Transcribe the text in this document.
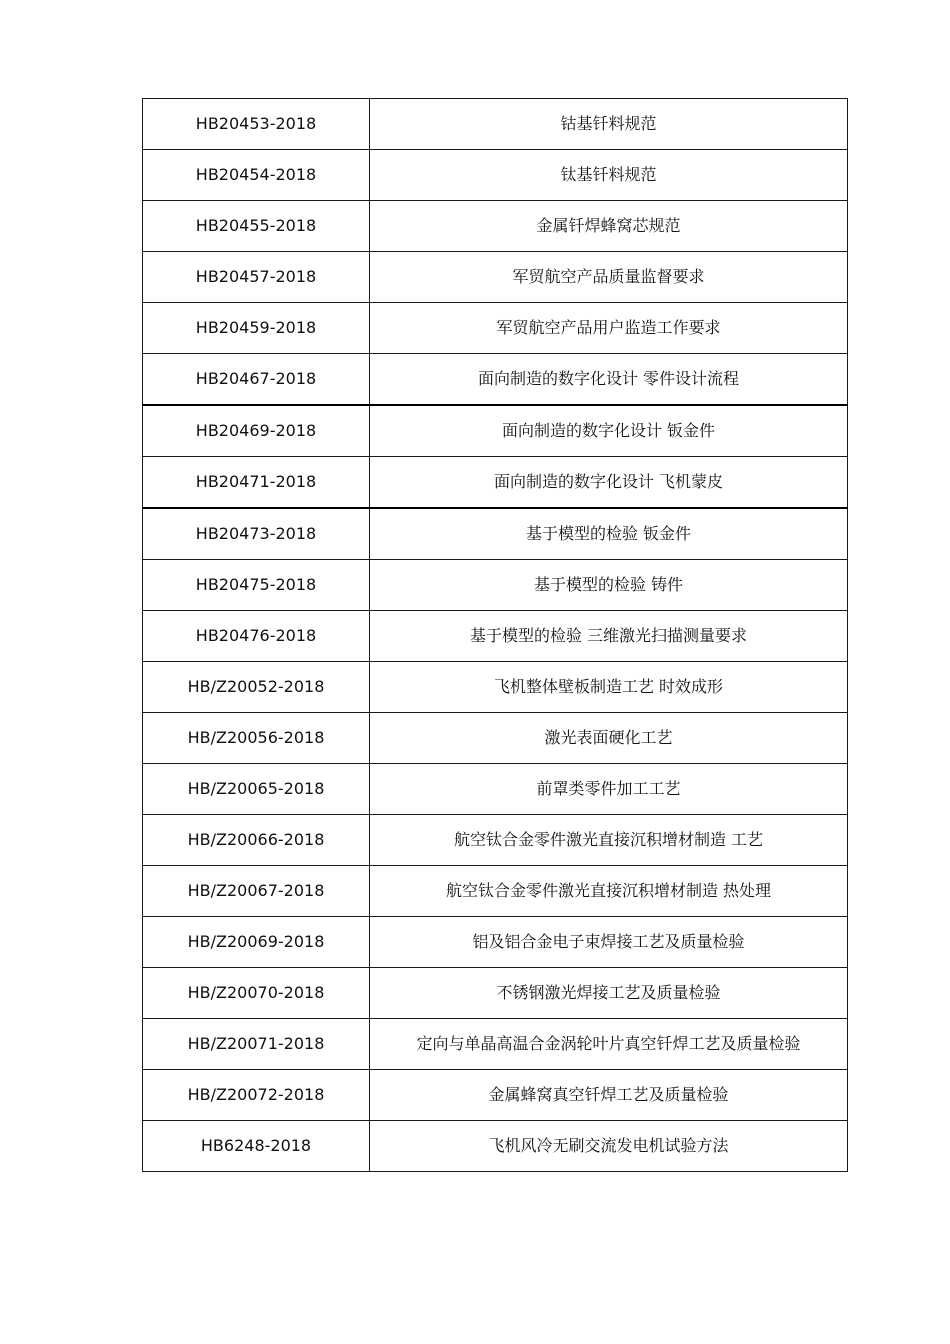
HB20453-2018	钴基钎料规范
HB20454-2018	钛基钎料规范
HB20455-2018	金属钎焊蜂窝芯规范
HB20457-2018	军贸航空产品质量监督要求
HB20459-2018	军贸航空产品用户监造工作要求
HB20467-2018	面向制造的数字化设计 零件设计流程
HB20469-2018	面向制造的数字化设计 钣金件
HB20471-2018	面向制造的数字化设计 飞机蒙皮
HB20473-2018	基于模型的检验 钣金件
HB20475-2018	基于模型的检验 铸件
HB20476-2018	基于模型的检验 三维激光扫描测量要求
HB/Z20052-2018	飞机整体壁板制造工艺 时效成形
HB/Z20056-2018	激光表面硬化工艺
HB/Z20065-2018	前罩类零件加工工艺
HB/Z20066-2018	航空钛合金零件激光直接沉积增材制造 工艺
HB/Z20067-2018	航空钛合金零件激光直接沉积增材制造 热处理
HB/Z20069-2018	铝及铝合金电子束焊接工艺及质量检验
HB/Z20070-2018	不锈钢激光焊接工艺及质量检验
HB/Z20071-2018	定向与单晶高温合金涡轮叶片真空钎焊工艺及质量检验
HB/Z20072-2018	金属蜂窝真空钎焊工艺及质量检验
HB6248-2018	飞机风冷无刷交流发电机试验方法
